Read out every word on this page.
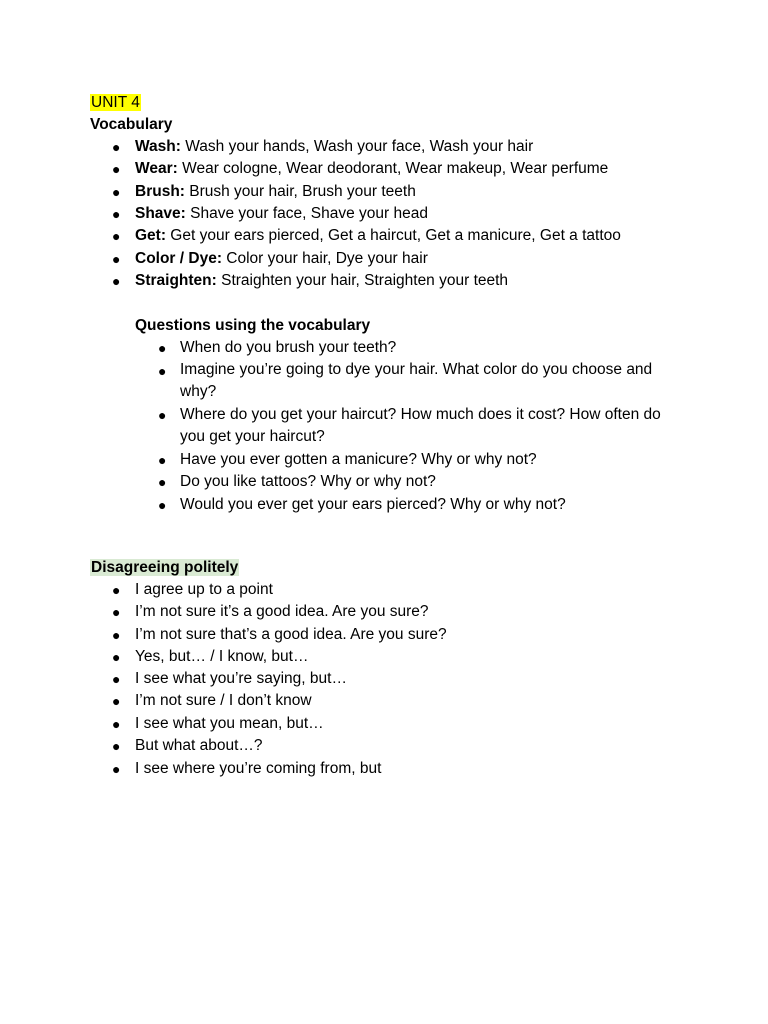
UNIT 4
Vocabulary
● Wash: Wash your hands, Wash your face, Wash your hair
● Wear: Wear cologne, Wear deodorant, Wear makeup, Wear perfume
● Brush: Brush your hair, Brush your teeth
● Shave: Shave your face, Shave your head
● Get: Get your ears pierced, Get a haircut, Get a manicure, Get a tattoo
● Color / Dye: Color your hair, Dye your hair
● Straighten: Straighten your hair, Straighten your teeth
Questions using the vocabulary
● When do you brush your teeth?
● Imagine you’re going to dye your hair. What color do you choose and why?
● Where do you get your haircut? How much does it cost? How often do you get your haircut?
● Have you ever gotten a manicure? Why or why not?
● Do you like tattoos? Why or why not?
● Would you ever get your ears pierced? Why or why not?
Disagreeing politely
● I agree up to a point
● I’m not sure it’s a good idea. Are you sure?
● I’m not sure that’s a good idea. Are you sure?
● Yes, but… / I know, but…
● I see what you’re saying, but…
● I’m not sure / I don’t know
● I see what you mean, but…
● But what about…?
● I see where you’re coming from, but
